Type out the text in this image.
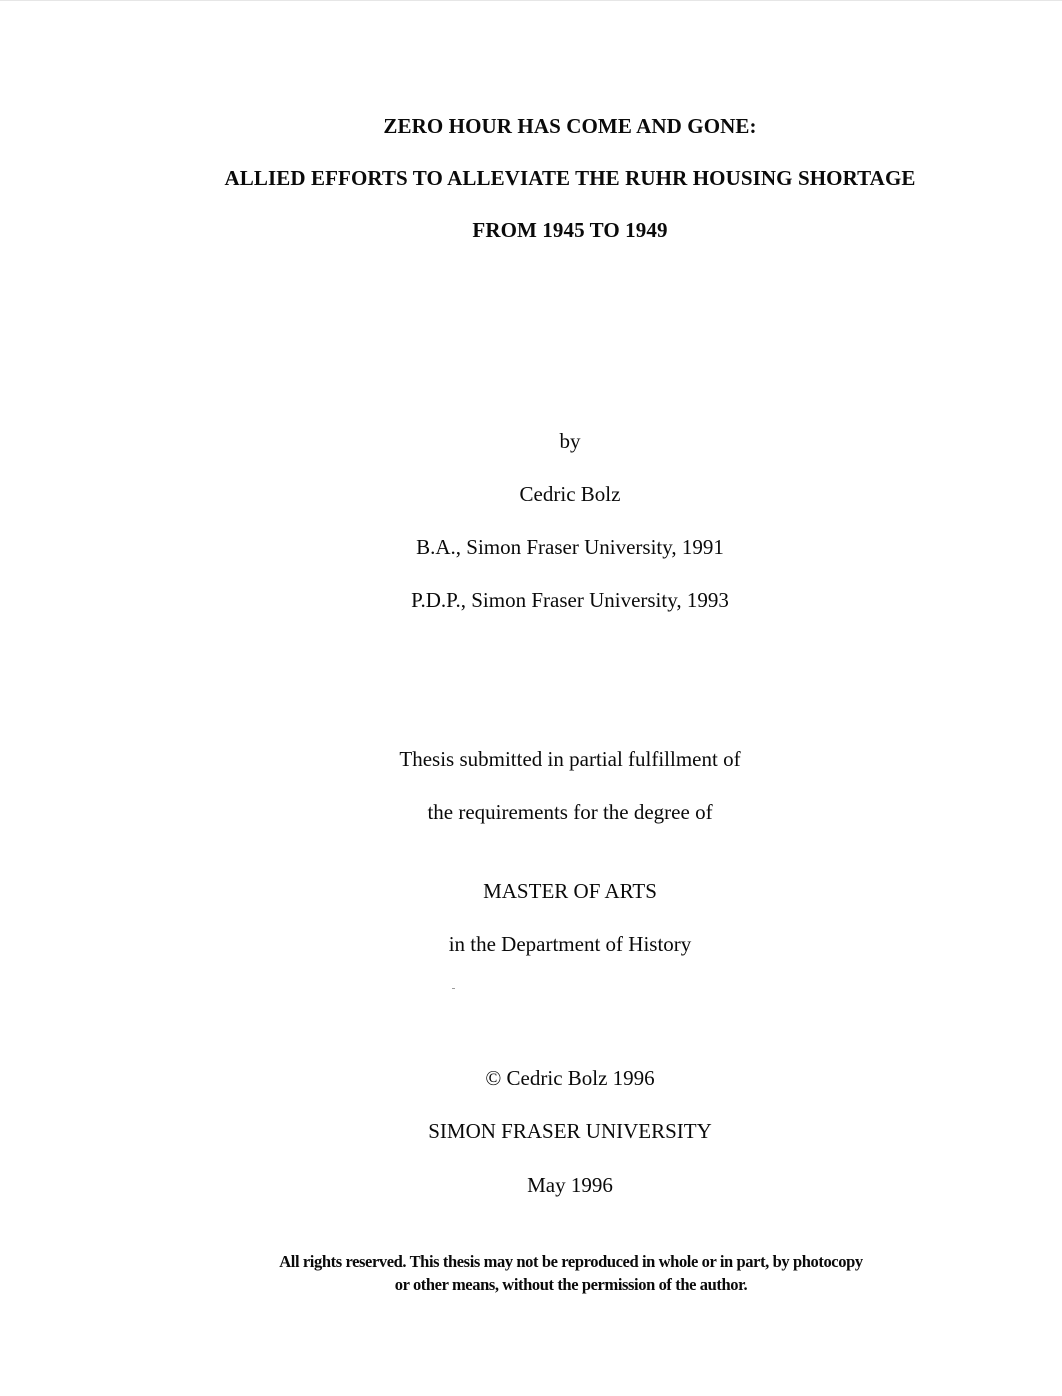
ZERO HOUR HAS COME AND GONE:
ALLIED EFFORTS TO ALLEVIATE THE RUHR HOUSING SHORTAGE
FROM 1945 TO 1949
by
Cedric Bolz
B.A., Simon Fraser University, 1991
P.D.P., Simon Fraser University, 1993
Thesis submitted in partial fulfillment of
the requirements for the degree of
MASTER OF ARTS
in the Department of History
© Cedric Bolz 1996
SIMON FRASER UNIVERSITY
May 1996
All rights reserved. This thesis may not be reproduced in whole or in part, by photocopy
or other means, without the permission of the author.
